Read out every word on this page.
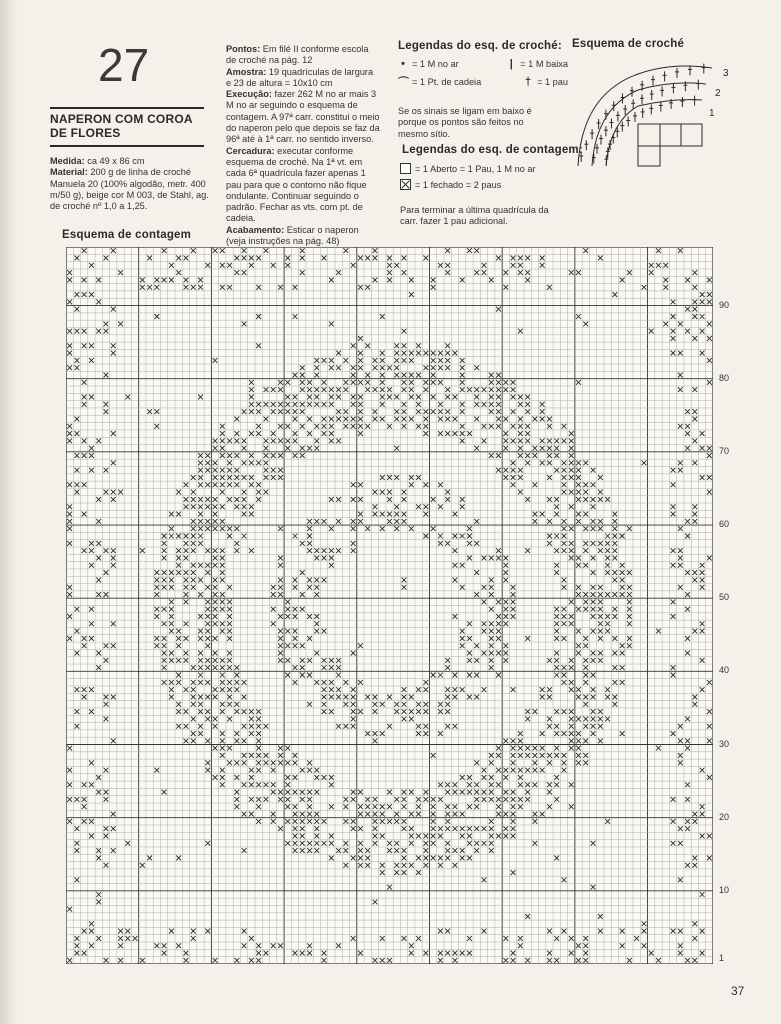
27
NAPERON COM COROA DE FLORES
Medida: ca 49 x 86 cm
Material: 200 g de linha de croché Manuela 20 (100% algodão, metr. 400 m/50 g), beige cor M 003, de Stahl, ag. de croché nº 1,0 a 1,25.
Pontos: Em filé II conforme escola de croché na pág. 12
Amostra: 19 quadrículas de largura e 23 de altura = 10x10 cm
Execução: fazer 262 M no ar mais 3 M no ar seguindo o esquema de contagem. A 97ª carr. constitui o meio do naperon pelo que depois se faz da 96ª até à 1ª carr. no sentido inverso.
Cercadura: executar conforme esquema de croché. Na 1ª vt. em cada 6ª quadrícula fazer apenas 1 pau para que o contorno não fique ondulante. Continuar seguindo o padrão. Fechar as vts. com pt. de cadeia.
Acabamento: Esticar o naperon (veja instruções na pág. 48)
Legendas do esq. de croché:
• = 1 M no ar	| = 1 M baixa
⌒ = 1 Pt. de cadeia	† = 1 pau
Se os sinais se ligam em baixo é porque os pontos são feitos no mesmo sítio.
Legendas do esq. de contagem:
= 1 Aberto = 1 Pau, 1 M no ar
= 1 fechado = 2 paus
Para terminar a última quadrícula da carr. fazer 1 pau adicional.
Esquema de croché
3
2
1
Esquema de contagem
90
80
70
60
50
40
30
20
10
1
37
